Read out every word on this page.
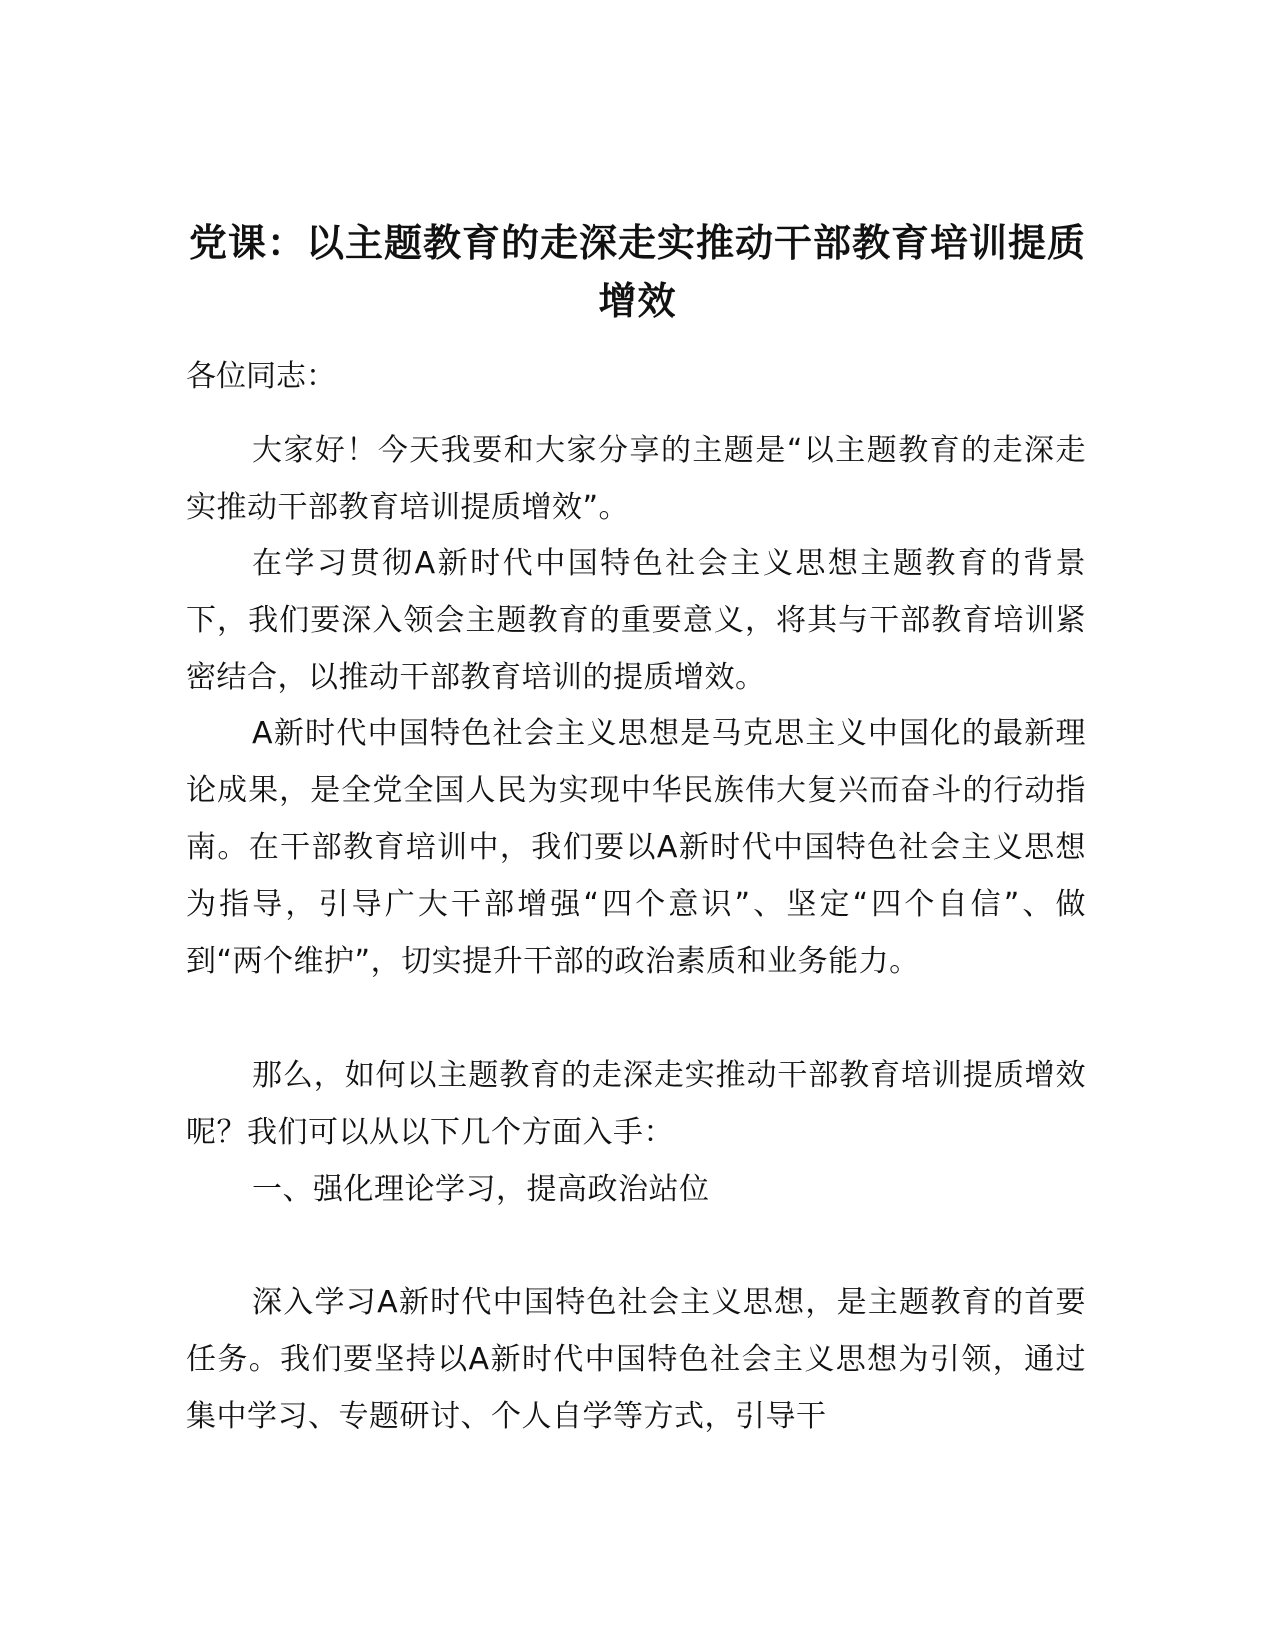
党课：以主题教育的走深走实推动干部教育培训提质增效

各位同志：

大家好！今天我要和大家分享的主题是“以主题教育的走深走实推动干部教育培训提质增效”。

在学习贯彻A新时代中国特色社会主义思想主题教育的背景下，我们要深入领会主题教育的重要意义，将其与干部教育培训紧密结合，以推动干部教育培训的提质增效。

A新时代中国特色社会主义思想是马克思主义中国化的最新理论成果，是全党全国人民为实现中华民族伟大复兴而奋斗的行动指南。在干部教育培训中，我们要以A新时代中国特色社会主义思想为指导，引导广大干部增强“四个意识”、坚定“四个自信”、做到“两个维护”，切实提升干部的政治素质和业务能力。

那么，如何以主题教育的走深走实推动干部教育培训提质增效呢？我们可以从以下几个方面入手：

一、强化理论学习，提高政治站位

深入学习A新时代中国特色社会主义思想，是主题教育的首要任务。我们要坚持以A新时代中国特色社会主义思想为引领，通过集中学习、专题研讨、个人自学等方式，引导干
